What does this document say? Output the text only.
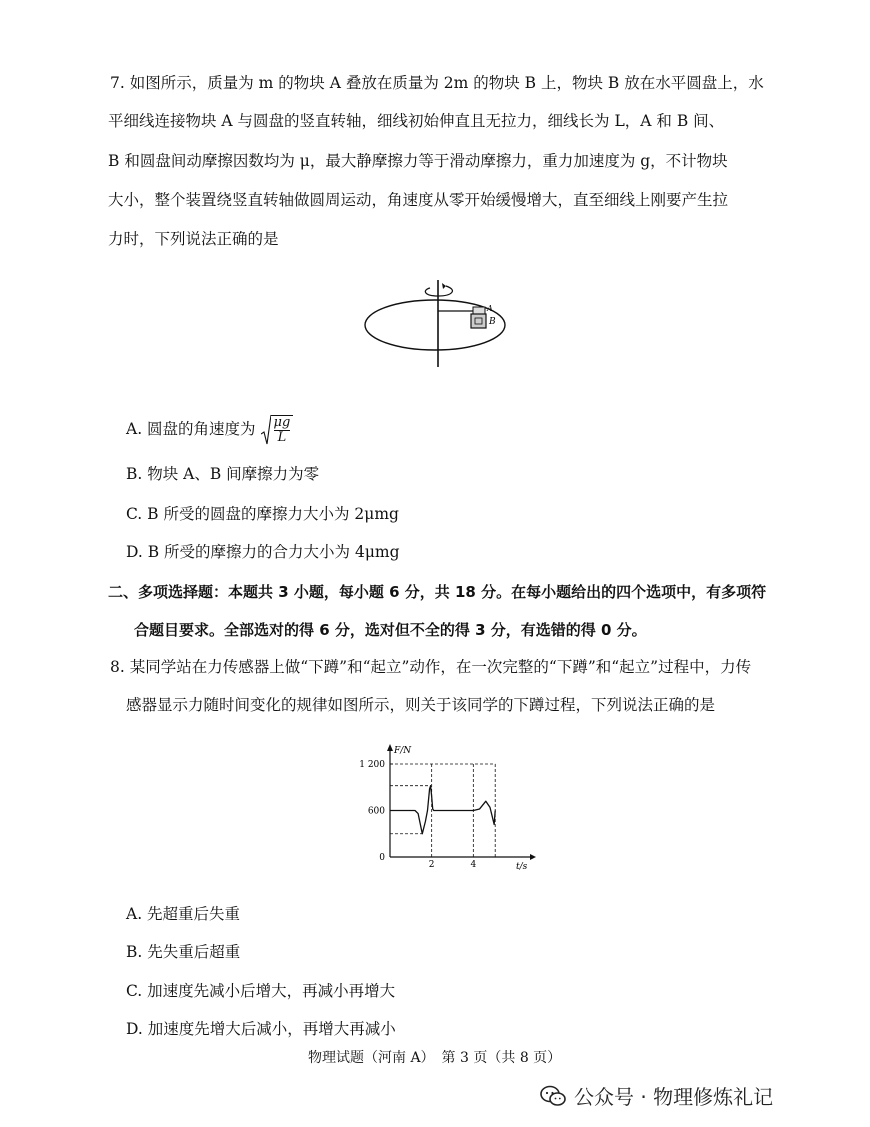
7. 如图所示，质量为 m 的物块 A 叠放在质量为 2m 的物块 B 上，物块 B 放在水平圆盘上，水
平细线连接物块 A 与圆盘的竖直转轴，细线初始伸直且无拉力，细线长为 L，A 和 B 间、
B 和圆盘间动摩擦因数均为 μ，最大静摩擦力等于滑动摩擦力，重力加速度为 g，不计物块
大小，整个装置绕竖直转轴做圆周运动，角速度从零开始缓慢增大，直至细线上刚要产生拉
力时，下列说法正确的是
A
B
A. 圆盘的角速度为 $\frac{\mu g}{L}$
B. 物块 A、B 间摩擦力为零
C. B 所受的圆盘的摩擦力大小为 2μmg
D. B 所受的摩擦力的合力大小为 4μmg
二、多项选择题：本题共 3 小题，每小题 6 分，共 18 分。在每小题给出的四个选项中，有多项符
合题目要求。全部选对的得 6 分，选对但不全的得 3 分，有选错的得 0 分。
8. 某同学站在力传感器上做“下蹲”和“起立”动作，在一次完整的“下蹲”和“起立”过程中，力传
感器显示力随时间变化的规律如图所示，则关于该同学的下蹲过程，下列说法正确的是
F/N
t/s
0
600
1 200
2	4
A. 先超重后失重
B. 先失重后超重
C. 加速度先减小后增大，再减小再增大
D. 加速度先增大后减小，再增大再减小
物理试题（河南 A）　第 3 页（共 8 页）
公众号 · 物理修炼礼记
